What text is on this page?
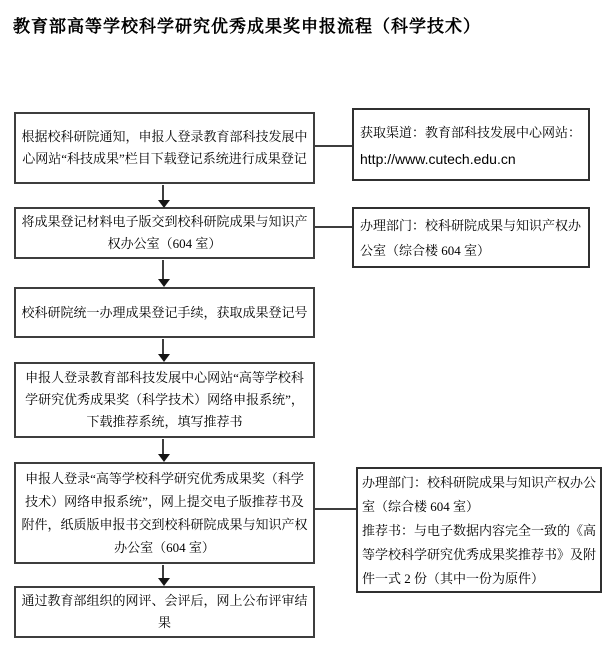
教育部高等学校科学研究优秀成果奖申报流程（科学技术）
根据校科研院通知，申报人登录教育部科技发展中心网站“科技成果”栏目下载登记系统进行成果登记
将成果登记材料电子版交到校科研院成果与知识产权办公室（604 室）
校科研院统一办理成果登记手续，获取成果登记号
申报人登录教育部科技发展中心网站“高等学校科学研究优秀成果奖（科学技术）网络申报系统”，下载推荐系统，填写推荐书
申报人登录“高等学校科学研究优秀成果奖（科学技术）网络申报系统”，网上提交电子版推荐书及附件，纸质版申报书交到校科研院成果与知识产权办公室（604 室）
通过教育部组织的网评、会评后，网上公布评审结果
获取渠道：教育部科技发展中心网站：
http://www.cutech.edu.cn
办理部门：校科研院成果与知识产权办公室（综合楼 604 室）
办理部门：校科研院成果与知识产权办公室（综合楼 604 室）
推荐书：与电子数据内容完全一致的《高等学校科学研究优秀成果奖推荐书》及附件一式 2 份（其中一份为原件）
